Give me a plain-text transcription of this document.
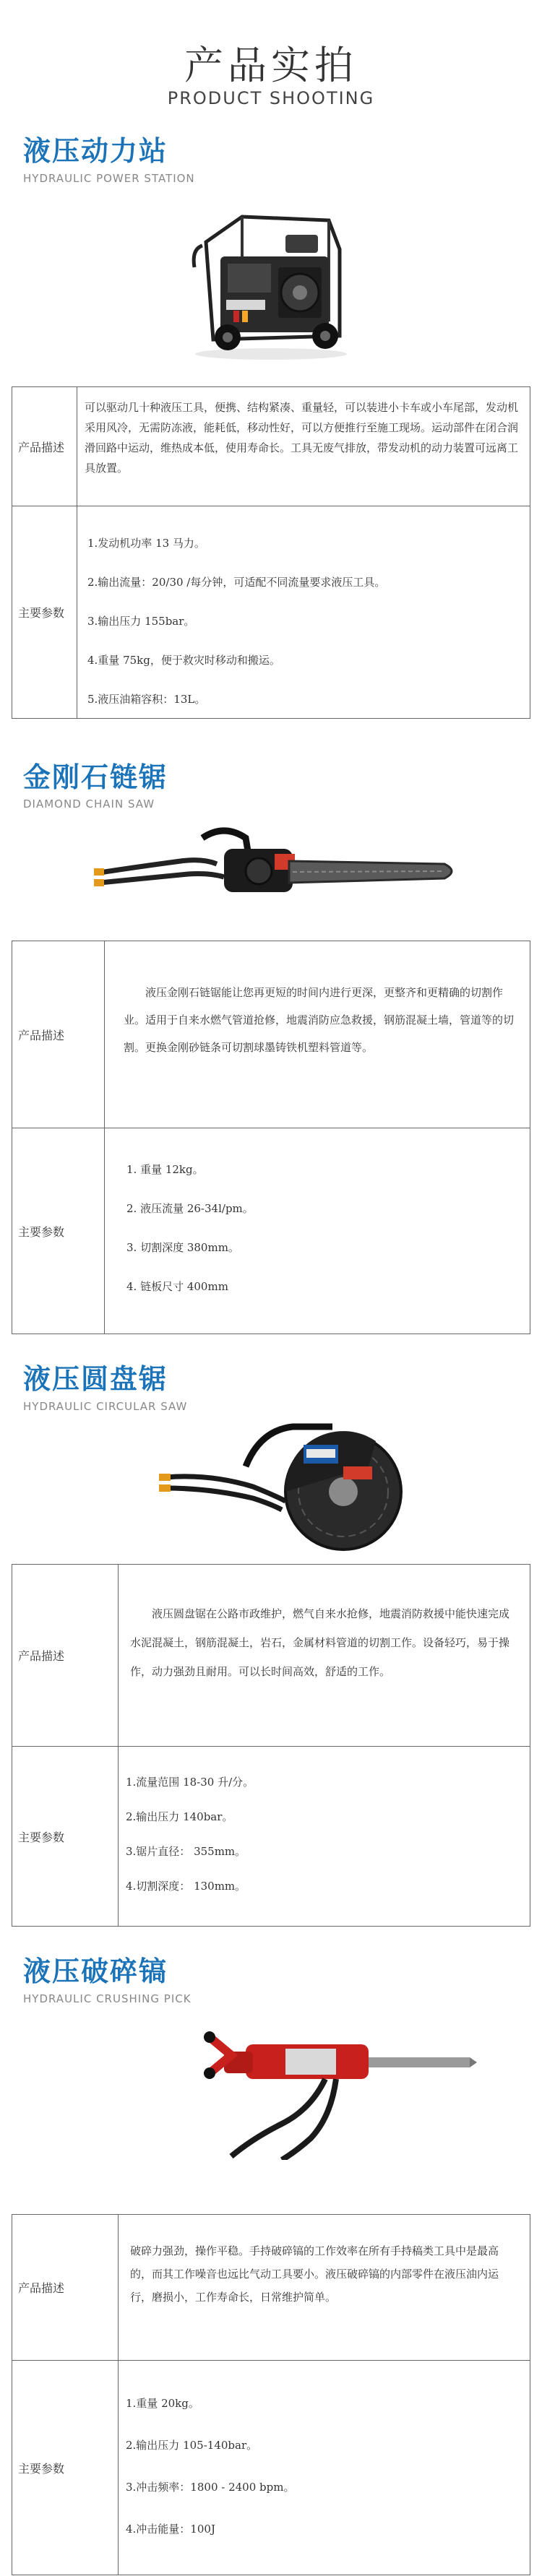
产品实拍
PRODUCT SHOOTING
液压动力站
HYDRAULIC POWER STATION
产品描述

可以驱动几十种液压工具，便携、结构紧凑、重量轻，可以装进小卡车或小车尾部，发动机采用风冷，无需防冻液，能耗低，移动性好，可以方便推行至施工现场。运动部件在闭合润滑回路中运动，维热成本低，使用寿命长。工具无废气排放，带发动机的动力装置可远离工具放置。

主要参数
1.发动机功率 13 马力。
2.输出流量：20/30 /每分钟，可适配不同流量要求液压工具。
3.输出压力 155bar。
4.重量 75kg，便于救灾时移动和搬运。
5.液压油箱容积：13L。
金刚石链锯
DIAMOND CHAIN SAW
产品描述

液压金刚石链锯能让您再更短的时间内进行更深，更整齐和更精确的切割作业。适用于自来水燃气管道抢修，地震消防应急救援，钢筋混凝土墙，管道等的切割。更换金刚砂链条可切割球墨铸铁机塑料管道等。

主要参数
1. 重量 12kg。
2. 液压流量 26-34l/pm。
3. 切割深度 380mm。
4. 链板尺寸 400mm
液压圆盘锯
HYDRAULIC CIRCULAR SAW
产品描述

液压圆盘锯在公路市政维护，燃气自来水抢修，地震消防救援中能快速完成水泥混凝土，钢筋混凝土，岩石，金属材料管道的切割工作。设备轻巧，易于操作，动力强劲且耐用。可以长时间高效，舒适的工作。

主要参数
1.流量范围 18-30 升/分。
2.输出压力 140bar。
3.锯片直径： 355mm。
4.切割深度： 130mm。
液压破碎镐
HYDRAULIC CRUSHING PICK
产品描述

破碎力强劲，操作平稳。手持破碎镐的工作效率在所有手持稿类工具中是最高的，而其工作噪音也远比气动工具要小。液压破碎镐的内部零件在液压油内运行，磨损小，工作寿命长，日常维护简单。

主要参数
1.重量 20kg。
2.输出压力 105-140bar。
3.冲击频率：1800 - 2400 bpm。
4.冲击能量：100J
